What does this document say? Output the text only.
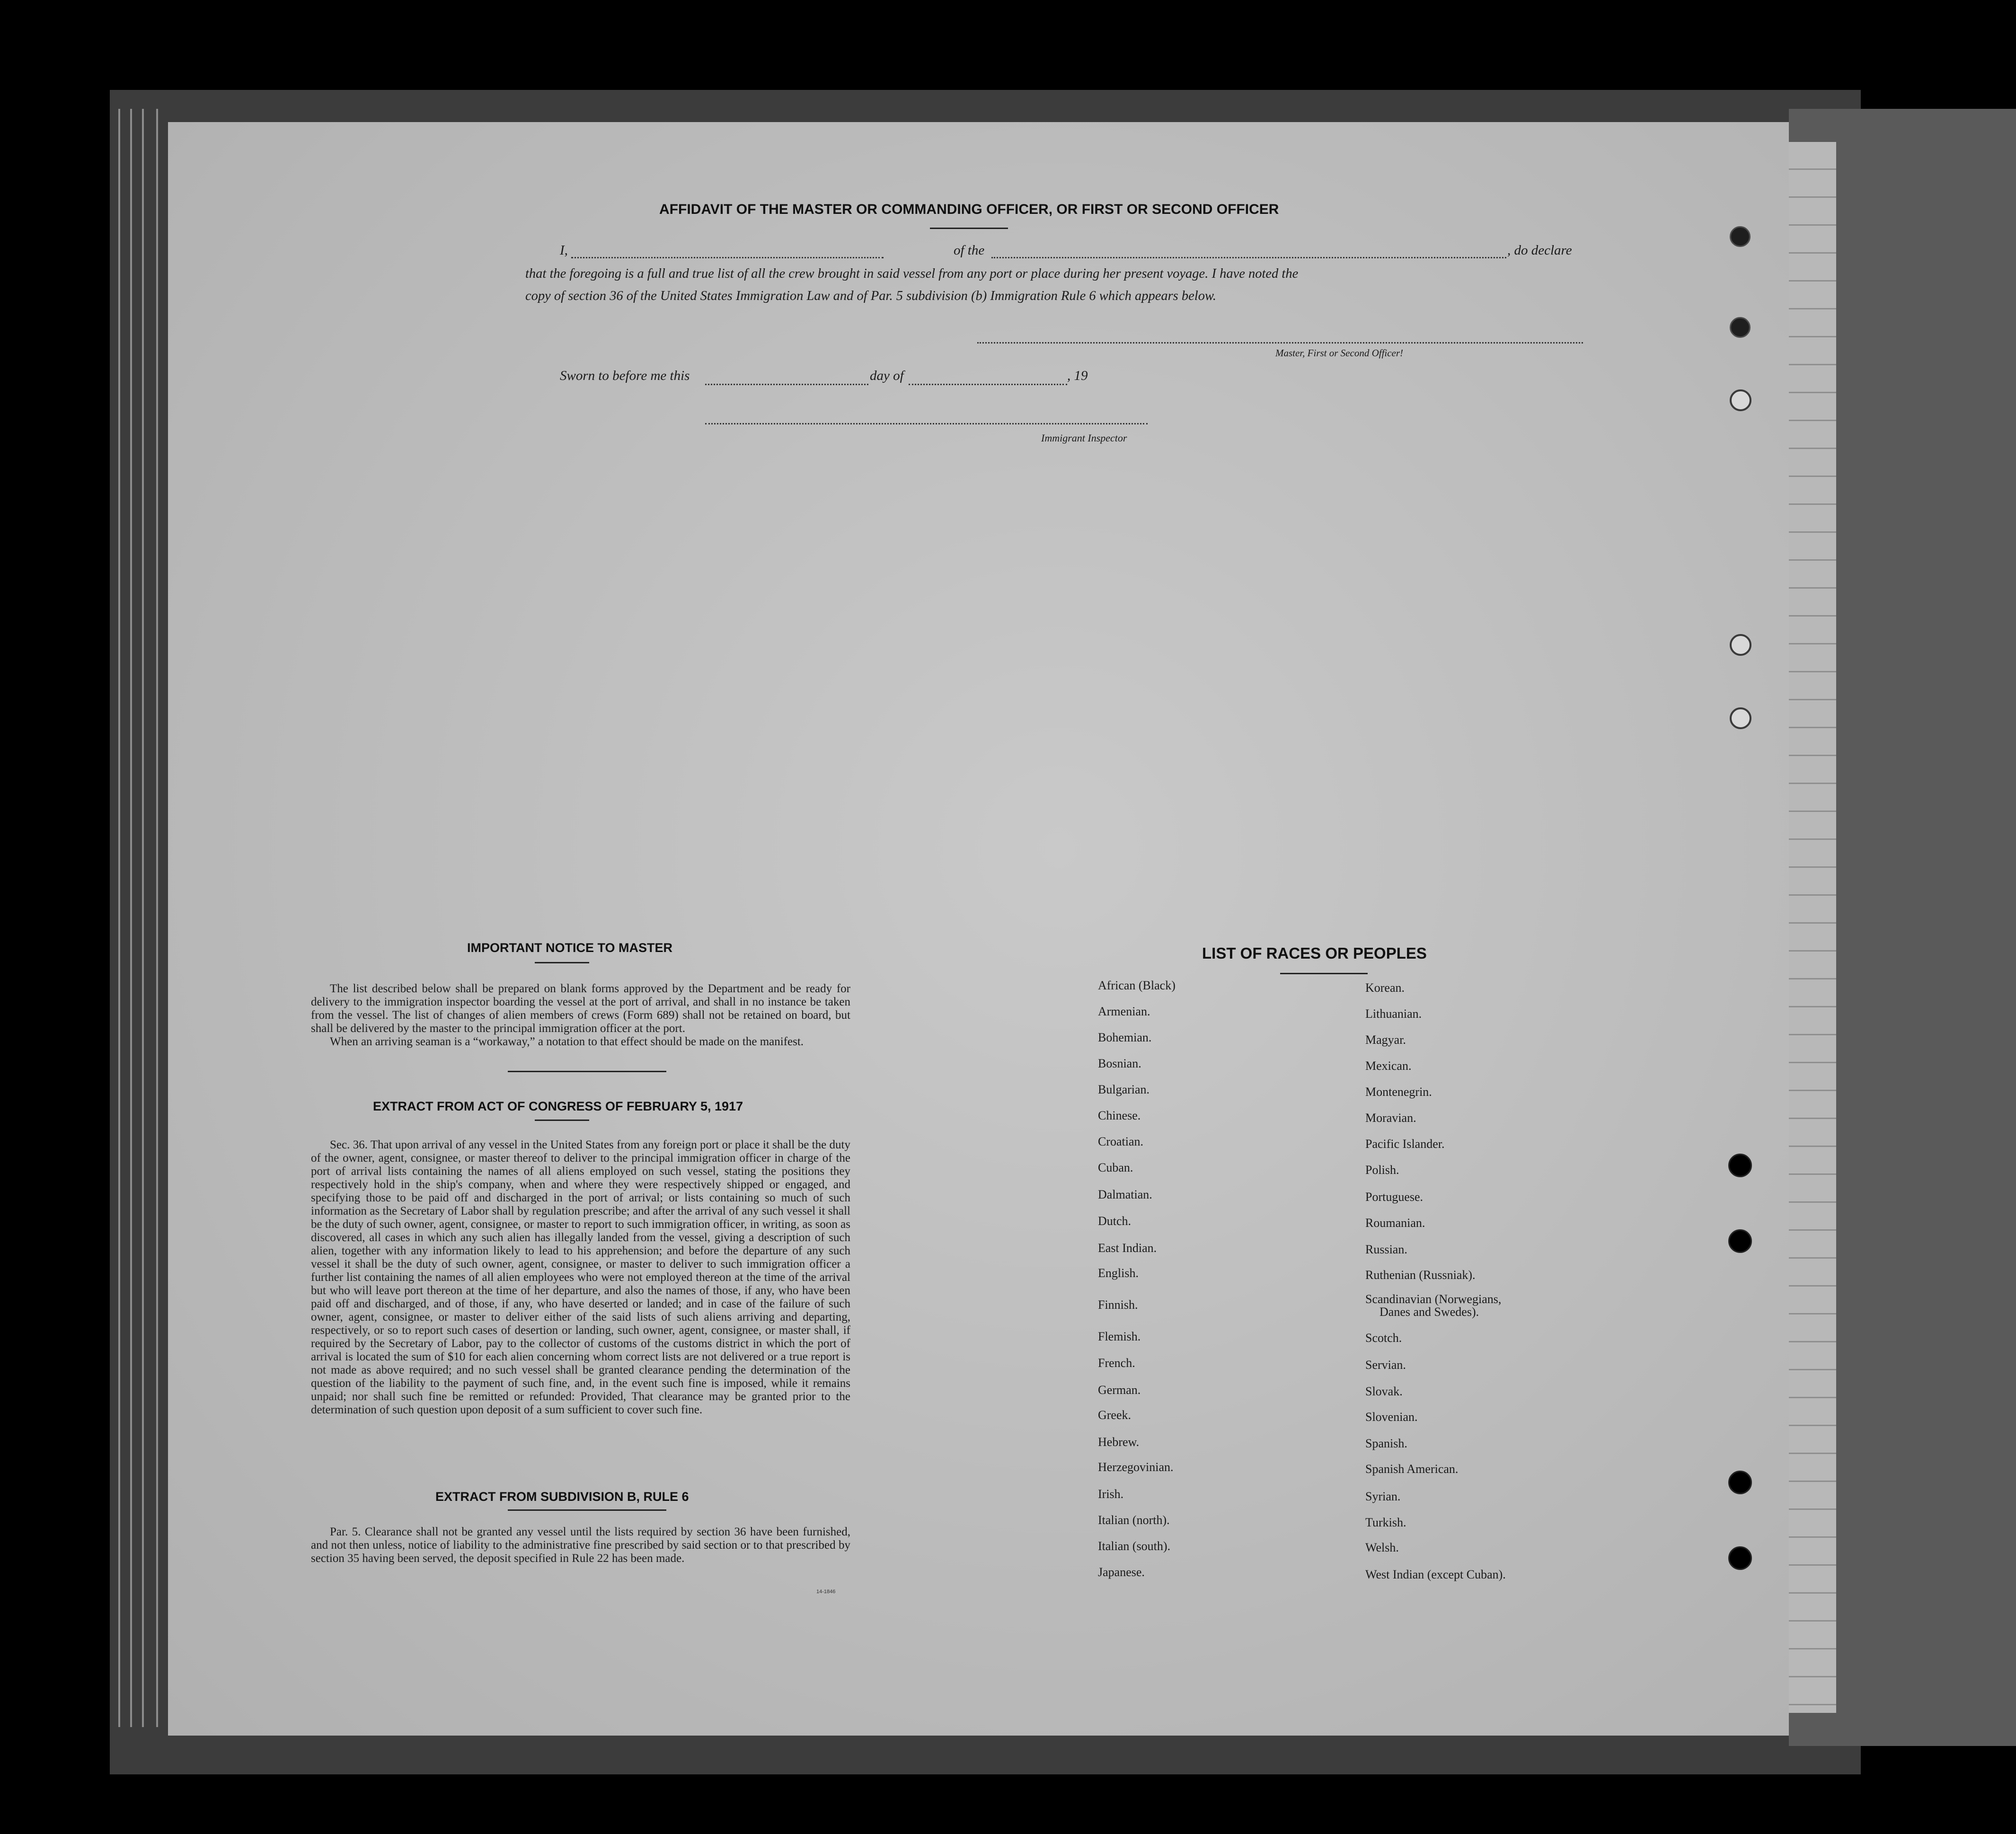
AFFIDAVIT OF THE MASTER OR COMMANDING OFFICER, OR FIRST OR SECOND OFFICER
I,	of the	, do declare
that the foregoing is a full and true list of all the crew brought in said vessel from any port or place during her present voyage. I have noted the
copy of section 36 of the United States Immigration Law and of Par. 5 subdivision (b) Immigration Rule 6 which appears below.
Master, First or Second Officer!
Sworn to before me this	day of	, 19
Immigrant Inspector
IMPORTANT NOTICE TO MASTER
The list described below shall be prepared on blank forms approved by the Department and be ready for delivery to the immigration inspector boarding the vessel at the port of arrival, and shall in no instance be taken from the vessel. The list of changes of alien members of crews (Form 689) shall not be retained on board, but shall be delivered by the master to the principal immigration officer at the port.
When an arriving seaman is a “workaway,” a notation to that effect should be made on the manifest.
EXTRACT FROM ACT OF CONGRESS OF FEBRUARY 5, 1917
Sec. 36. That upon arrival of any vessel in the United States from any foreign port or place it shall be the duty of the owner, agent, consignee, or master thereof to deliver to the principal immigration officer in charge of the port of arrival lists containing the names of all aliens employed on such vessel, stating the positions they respectively hold in the ship's company, when and where they were respectively shipped or engaged, and specifying those to be paid off and discharged in the port of arrival; or lists containing so much of such information as the Secretary of Labor shall by regulation prescribe; and after the arrival of any such vessel it shall be the duty of such owner, agent, consignee, or master to report to such immigration officer, in writing, as soon as discovered, all cases in which any such alien has illegally landed from the vessel, giving a description of such alien, together with any information likely to lead to his apprehension; and before the departure of any such vessel it shall be the duty of such owner, agent, consignee, or master to deliver to such immigration officer a further list containing the names of all alien employees who were not employed thereon at the time of the arrival but who will leave port thereon at the time of her departure, and also the names of those, if any, who have been paid off and discharged, and of those, if any, who have deserted or landed; and in case of the failure of such owner, agent, consignee, or master to deliver either of the said lists of such aliens arriving and departing, respectively, or so to report such cases of desertion or landing, such owner, agent, consignee, or master shall, if required by the Secretary of Labor, pay to the collector of customs of the customs district in which the port of arrival is located the sum of $10 for each alien concerning whom correct lists are not delivered or a true report is not made as above required; and no such vessel shall be granted clearance pending the determination of the question of the liability to the payment of such fine, and, in the event such fine is imposed, while it remains unpaid; nor shall such fine be remitted or refunded: Provided, That clearance may be granted prior to the determination of such question upon deposit of a sum sufficient to cover such fine.
EXTRACT FROM SUBDIVISION B, RULE 6
Par. 5. Clearance shall not be granted any vessel until the lists required by section 36 have been furnished, and not then unless, notice of liability to the administrative fine prescribed by said section or to that prescribed by section 35 having been served, the deposit specified in Rule 22 has been made.
14-1846
LIST OF RACES OR PEOPLES
African (Black)
Armenian.
Bohemian.
Bosnian.
Bulgarian.
Chinese.
Croatian.
Cuban.
Dalmatian.
Dutch.
East Indian.
English.
Finnish.
Flemish.
French.
German.
Greek.
Hebrew.
Herzegovinian.
Irish.
Italian (north).
Italian (south).
Japanese.
Korean.
Lithuanian.
Magyar.
Mexican.
Montenegrin.
Moravian.
Pacific Islander.
Polish.
Portuguese.
Roumanian.
Russian.
Ruthenian (Russniak).
Scandinavian (Norwegians,
Danes and Swedes).
Scotch.
Servian.
Slovak.
Slovenian.
Spanish.
Spanish American.
Syrian.
Turkish.
Welsh.
West Indian (except Cuban).
